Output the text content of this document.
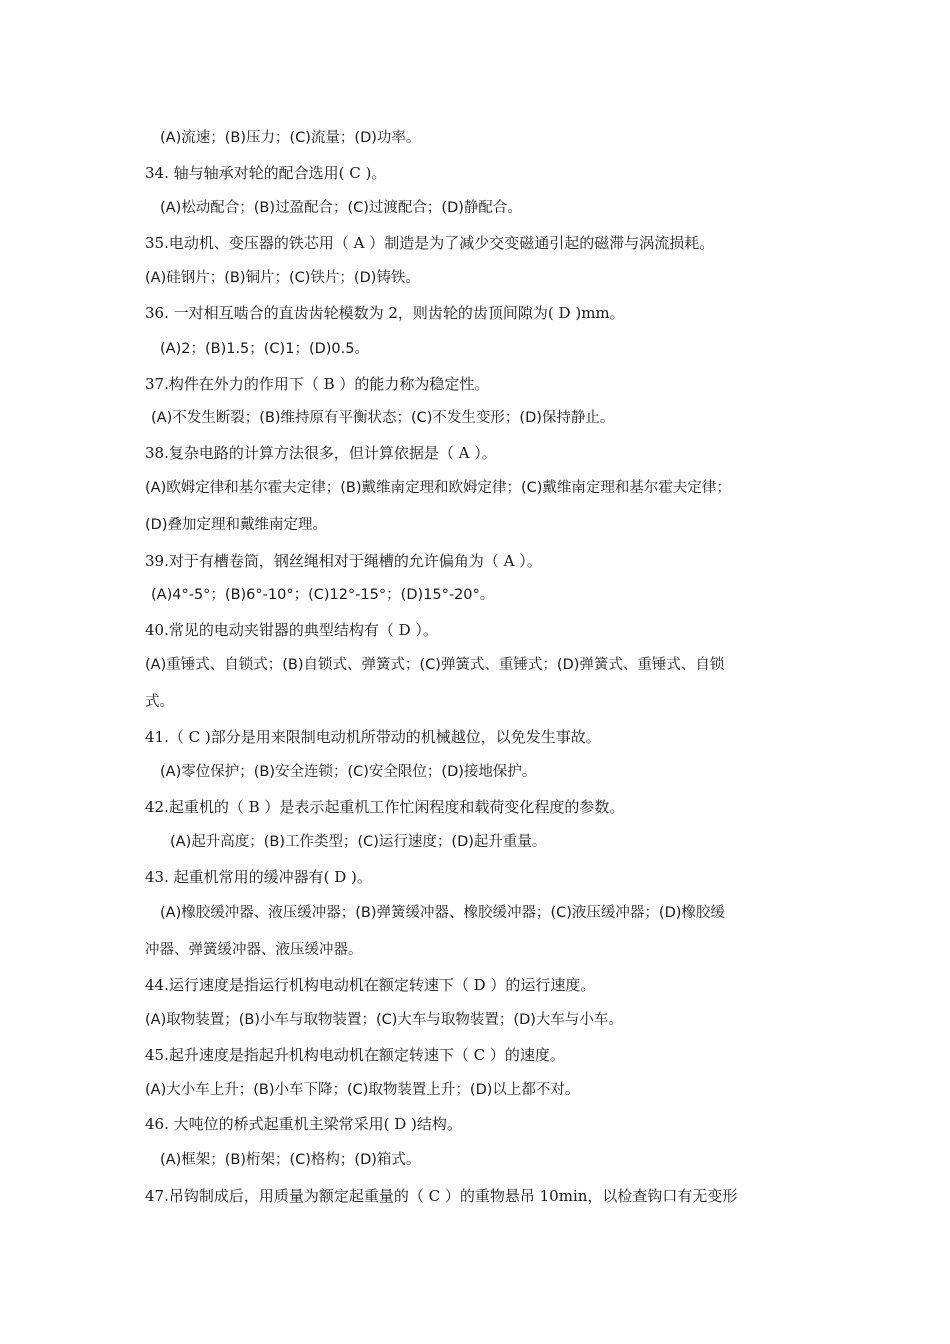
(A)流速；(B)压力；(C)流量；(D)功率。
34. 轴与轴承对轮的配合选用( C )。
(A)松动配合；(B)过盈配合；(C)过渡配合；(D)静配合。
35.电动机、变压器的铁芯用（ A ）制造是为了减少交变磁通引起的磁滞与涡流损耗。
(A)硅钢片；(B)铜片；(C)铁片；(D)铸铁。
36. 一对相互啮合的直齿齿轮模数为 2，则齿轮的齿顶间隙为( D )mm。
(A)2；(B)1.5；(C)1；(D)0.5。
37.构件在外力的作用下（ B ）的能力称为稳定性。
(A)不发生断裂；(B)维持原有平衡状态；(C)不发生变形；(D)保持静止。
38.复杂电路的计算方法很多，但计算依据是（ A ）。
(A)欧姆定律和基尔霍夫定律；(B)戴维南定理和欧姆定律；(C)戴维南定理和基尔霍夫定律；
(D)叠加定理和戴维南定理。
39.对于有槽卷筒，钢丝绳相对于绳槽的允许偏角为（ A ）。
(A)4°-5°；(B)6°-10°；(C)12°-15°；(D)15°-20°。
40.常见的电动夹钳器的典型结构有（ D ）。
(A)重锤式、自锁式；(B)自锁式、弹簧式；(C)弹簧式、重锤式；(D)弹簧式、重锤式、自锁
式。
41.（ C )部分是用来限制电动机所带动的机械越位，以免发生事故。
(A)零位保护；(B)安全连锁；(C)安全限位；(D)接地保护。
42.起重机的（ B ）是表示起重机工作忙闲程度和载荷变化程度的参数。
(A)起升高度；(B)工作类型；(C)运行速度；(D)起升重量。
43. 起重机常用的缓冲器有( D )。
(A)橡胶缓冲器、液压缓冲器；(B)弹簧缓冲器、橡胶缓冲器；(C)液压缓冲器；(D)橡胶缓
冲器、弹簧缓冲器、液压缓冲器。
44.运行速度是指运行机构电动机在额定转速下（ D ）的运行速度。
(A)取物装置；(B)小车与取物装置；(C)大车与取物装置；(D)大车与小车。
45.起升速度是指起升机构电动机在额定转速下（ C ）的速度。
(A)大小车上升；(B)小车下降；(C)取物装置上升；(D)以上都不对。
46. 大吨位的桥式起重机主梁常采用( D )结构。
(A)框架；(B)桁架；(C)格构；(D)箱式。
47.吊钩制成后，用质量为额定起重量的（ C ）的重物悬吊 10min，以检查钩口有无变形
